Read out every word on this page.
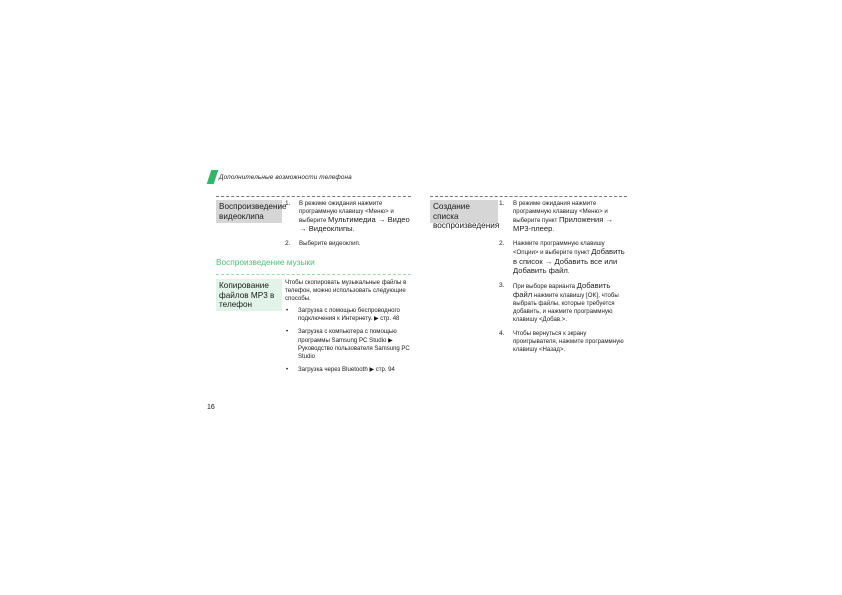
Дополнительные возможности телефона
Воспроизведение видеоклипа
1. В режиме ожидания нажмите программную клавишу <Меню> и выберите Мультимедиа → Видео → Видеоклипы.
2. Выберите видеоклип.
Воспроизведение музыки
Копирование файлов MP3 в телефон
Чтобы скопировать музыкальные файлы в телефон, можно использовать следующие способы.
• Загрузка с помощью беспроводного подключения к Интернету. ▶ стр. 48
• Загрузка с компьютера с помощью программы Samsung PC Studio ▶ Руководство пользователя Samsung PC Studio
• Загрузка через Bluetooth ▶ стр. 94
Создание списка воспроизведения
1. В режиме ожидания нажмите программную клавишу <Меню> и выберите пункт Приложения → MP3-плеер.
2. Нажмите программную клавишу <Опции> и выберите пункт Добавить в список → Добавить все или Добавить файл.
3. При выборе варианта Добавить файл нажмите клавишу [OK], чтобы выбрать файлы, которые требуется добавить, и нажмите программную клавишу <Добав.>.
4. Чтобы вернуться к экрану проигрывателя, нажмите программную клавишу <Назад>.
16
